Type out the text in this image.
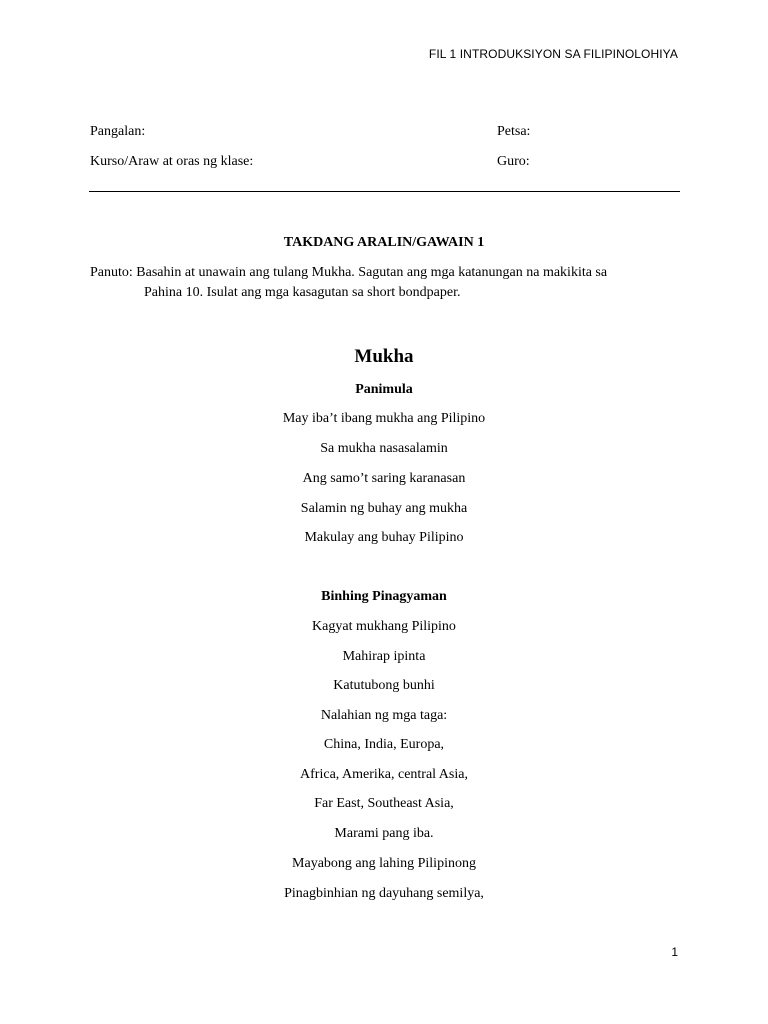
FIL 1 INTRODUKSIYON SA FILIPINOLOHIYA
Pangalan:	Petsa:
Kurso/Araw at oras ng klase:	Guro:
TAKDANG ARALIN/GAWAIN 1
Panuto: Basahin at unawain ang tulang Mukha. Sagutan ang mga katanungan na makikita sa
Pahina 10. Isulat ang mga kasagutan sa short bondpaper.
Mukha
Panimula
May iba’t ibang mukha ang Pilipino
Sa mukha nasasalamin
Ang samo’t saring karanasan
Salamin ng buhay ang mukha
Makulay ang buhay Pilipino
Binhing Pinagyaman
Kagyat mukhang Pilipino
Mahirap ipinta
Katutubong bunhi
Nalahian ng mga taga:
China, India, Europa,
Africa, Amerika, central Asia,
Far East, Southeast Asia,
Marami pang iba.
Mayabong ang lahing Pilipinong
Pinagbinhian ng dayuhang semilya,
1
